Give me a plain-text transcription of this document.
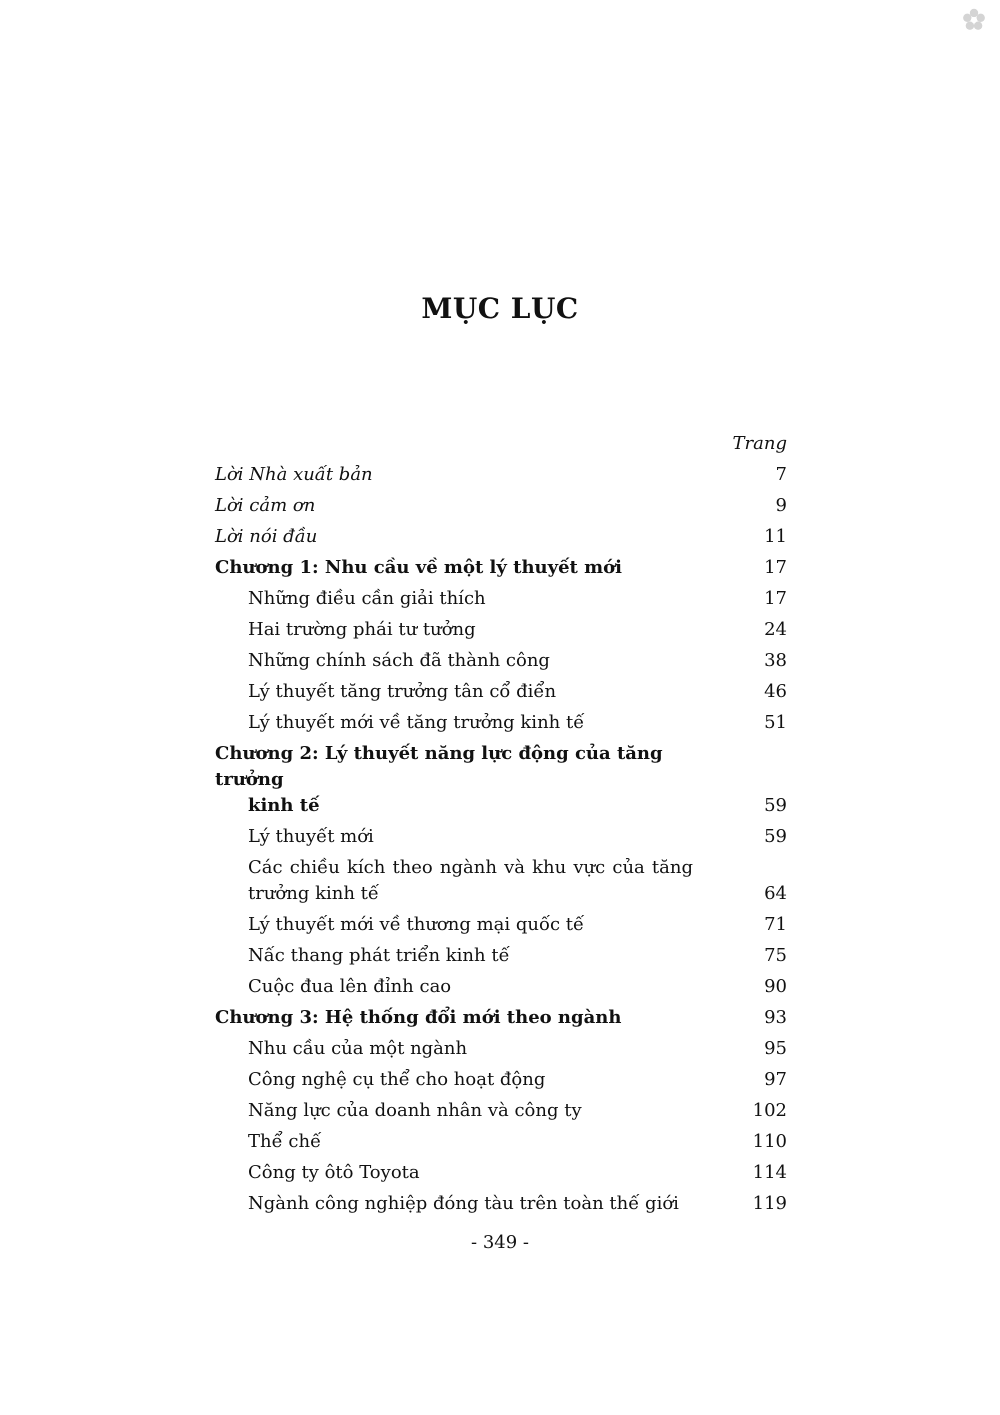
MỤC LỤC
Trang
Lời Nhà xuất bản	7
Lời cảm ơn	9
Lời nói đầu	11
Chương 1: Nhu cầu về một lý thuyết mới	17
Những điều cần giải thích	17
Hai trường phái tư tưởng	24
Những chính sách đã thành công	38
Lý thuyết tăng trưởng tân cổ điển	46
Lý thuyết mới về tăng trưởng kinh tế	51
Chương 2: Lý thuyết năng lực động của tăng trưởng
kinh tế	59
Lý thuyết mới	59
Các chiều kích theo ngành và khu vực của tăng trưởng kinh tế	64
Lý thuyết mới về thương mại quốc tế	71
Nấc thang phát triển kinh tế	75
Cuộc đua lên đỉnh cao	90
Chương 3: Hệ thống đổi mới theo ngành	93
Nhu cầu của một ngành	95
Công nghệ cụ thể cho hoạt động	97
Năng lực của doanh nhân và công ty	102
Thể chế	110
Công ty ôtô Toyota	114
Ngành công nghiệp đóng tàu trên toàn thế giới	119
- 349 -
